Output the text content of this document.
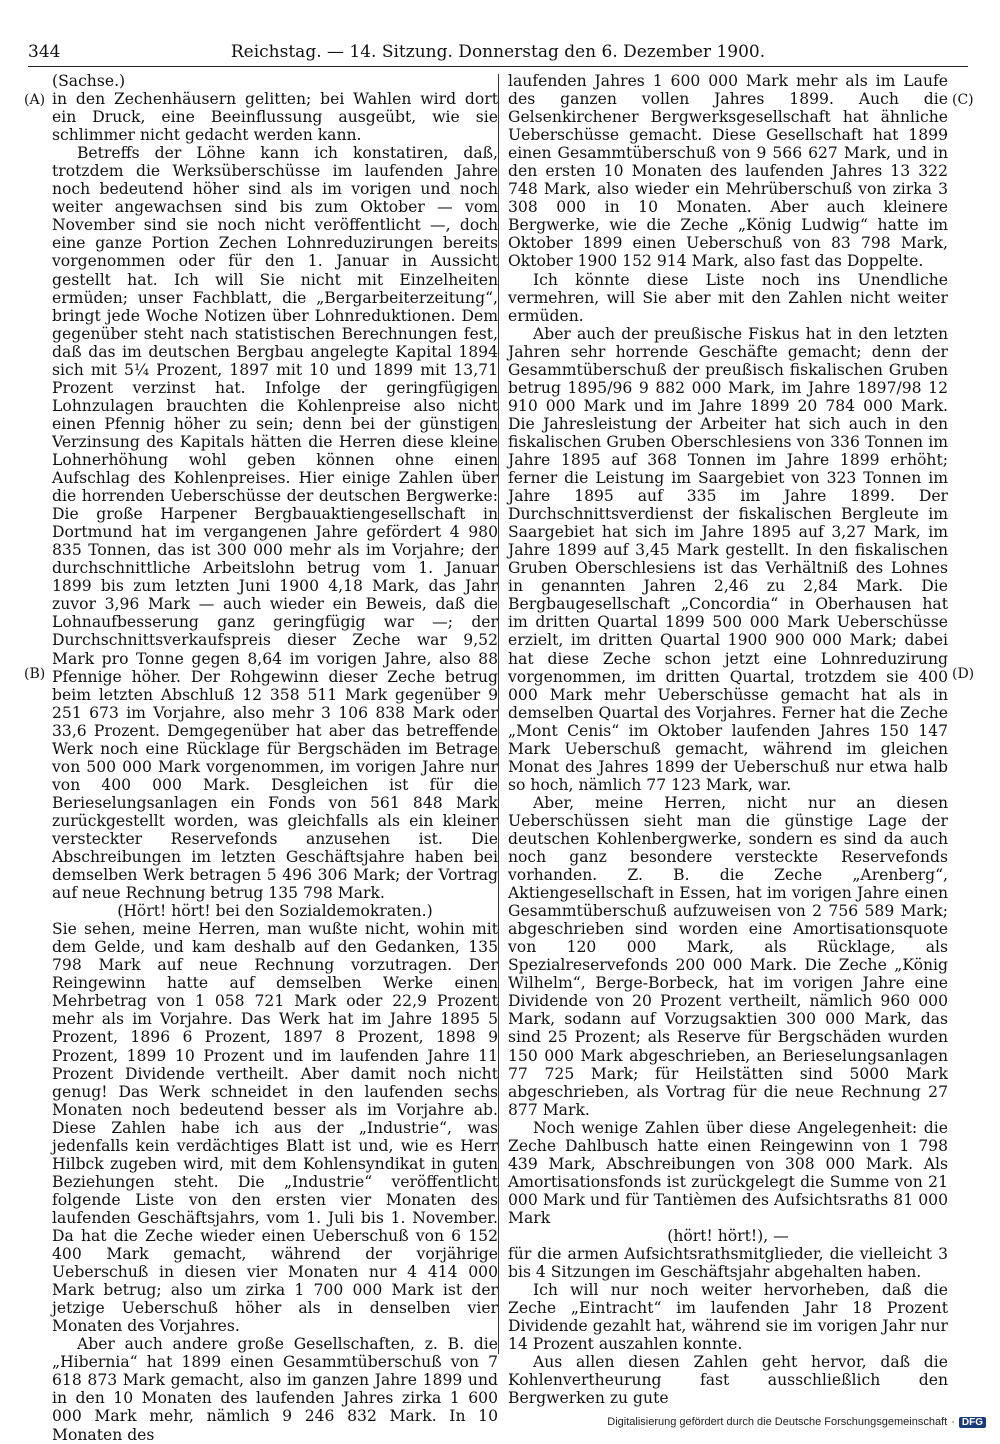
344	Reichstag. — 14. Sitzung. Donnerstag den 6. Dezember 1900.
(A)
(B)
(C)
(D)

(Sachse.)

in den Zechenhäusern gelitten; bei Wahlen wird dort ein Druck, eine Beeinflussung ausgeübt, wie sie schlimmer nicht gedacht werden kann.

Betreffs der Löhne kann ich konstatiren, daß, trotzdem die Werksüberschüsse im laufenden Jahre noch bedeutend höher sind als im vorigen und noch weiter angewachsen sind bis zum Oktober — vom November sind sie noch nicht veröffentlicht —, doch eine ganze Portion Zechen Lohnreduzirungen bereits vorgenommen oder für den 1. Januar in Aussicht gestellt hat. Ich will Sie nicht mit Einzelheiten ermüden; unser Fachblatt, die „Bergarbeiterzeitung“, bringt jede Woche Notizen über Lohnreduktionen. Dem gegenüber steht nach statistischen Berechnungen fest, daß das im deutschen Bergbau angelegte Kapital 1894 sich mit 5¼ Prozent, 1897 mit 10 und 1899 mit 13,71 Prozent verzinst hat. Infolge der geringfügigen Lohnzulagen brauchten die Kohlenpreise also nicht einen Pfennig höher zu sein; denn bei der günstigen Verzinsung des Kapitals hätten die Herren diese kleine Lohnerhöhung wohl geben können ohne einen Aufschlag des Kohlenpreises. Hier einige Zahlen über die horrenden Ueberschüsse der deutschen Bergwerke: Die große Harpener Bergbauaktiengesellschaft in Dortmund hat im vergangenen Jahre gefördert 4 980 835 Tonnen, das ist 300 000 mehr als im Vorjahre; der durchschnittliche Arbeitslohn betrug vom 1. Januar 1899 bis zum letzten Juni 1900 4,18 Mark, das Jahr zuvor 3,96 Mark — auch wieder ein Beweis, daß die Lohnaufbesserung ganz geringfügig war —; der Durchschnittsverkaufspreis dieser Zeche war 9,52 Mark pro Tonne gegen 8,64 im vorigen Jahre, also 88 Pfennige höher. Der Rohgewinn dieser Zeche betrug beim letzten Abschluß 12 358 511 Mark gegenüber 9 251 673 im Vorjahre, also mehr 3 106 838 Mark oder 33,6 Prozent. Demgegenüber hat aber das betreffende Werk noch eine Rücklage für Bergschäden im Betrage von 500 000 Mark vorgenommen, im vorigen Jahre nur von 400 000 Mark. Desgleichen ist für die Berieselungsanlagen ein Fonds von 561 848 Mark zurückgestellt worden, was gleichfalls als ein kleiner versteckter Reservefonds anzusehen ist. Die Abschreibungen im letzten Geschäftsjahre haben bei demselben Werk betragen 5 496 306 Mark; der Vortrag auf neue Rechnung betrug 135 798 Mark.

(Hört! hört! bei den Sozialdemokraten.)

Sie sehen, meine Herren, man wußte nicht, wohin mit dem Gelde, und kam deshalb auf den Gedanken, 135 798 Mark auf neue Rechnung vorzutragen. Der Reingewinn hatte auf demselben Werke einen Mehrbetrag von 1 058 721 Mark oder 22,9 Prozent mehr als im Vorjahre. Das Werk hat im Jahre 1895 5 Prozent, 1896 6 Prozent, 1897 8 Prozent, 1898 9 Prozent, 1899 10 Prozent und im laufenden Jahre 11 Prozent Dividende vertheilt. Aber damit noch nicht genug! Das Werk schneidet in den laufenden sechs Monaten noch bedeutend besser als im Vorjahre ab. Diese Zahlen habe ich aus der „Industrie“, was jedenfalls kein verdächtiges Blatt ist und, wie es Herr Hilbck zugeben wird, mit dem Kohlensyndikat in guten Beziehungen steht. Die „Industrie“ veröffentlicht folgende Liste von den ersten vier Monaten des laufenden Geschäftsjahrs, vom 1. Juli bis 1. November. Da hat die Zeche wieder einen Ueberschuß von 6 152 400 Mark gemacht, während der vorjährige Ueberschuß in diesen vier Monaten nur 4 414 000 Mark betrug; also um zirka 1 700 000 Mark ist der jetzige Ueberschuß höher als in denselben vier Monaten des Vorjahres.

Aber auch andere große Gesellschaften, z. B. die „Hibernia“ hat 1899 einen Gesammtüberschuß von 7 618 873 Mark gemacht, also im ganzen Jahre 1899 und in den 10 Monaten des laufenden Jahres zirka 1 600 000 Mark mehr, nämlich 9 246 832 Mark. In 10 Monaten des

laufenden Jahres 1 600 000 Mark mehr als im Laufe des ganzen vollen Jahres 1899. Auch die Gelsenkirchener Bergwerksgesellschaft hat ähnliche Ueberschüsse gemacht. Diese Gesellschaft hat 1899 einen Gesammtüberschuß von 9 566 627 Mark, und in den ersten 10 Monaten des laufenden Jahres 13 322 748 Mark, also wieder ein Mehrüberschuß von zirka 3 308 000 in 10 Monaten. Aber auch kleinere Bergwerke, wie die Zeche „König Ludwig“ hatte im Oktober 1899 einen Ueberschuß von 83 798 Mark, Oktober 1900 152 914 Mark, also fast das Doppelte.

Ich könnte diese Liste noch ins Unendliche vermehren, will Sie aber mit den Zahlen nicht weiter ermüden.

Aber auch der preußische Fiskus hat in den letzten Jahren sehr horrende Geschäfte gemacht; denn der Gesammtüberschuß der preußisch fiskalischen Gruben betrug 1895/96 9 882 000 Mark, im Jahre 1897/98 12 910 000 Mark und im Jahre 1899 20 784 000 Mark. Die Jahresleistung der Arbeiter hat sich auch in den fiskalischen Gruben Oberschlesiens von 336 Tonnen im Jahre 1895 auf 368 Tonnen im Jahre 1899 erhöht; ferner die Leistung im Saargebiet von 323 Tonnen im Jahre 1895 auf 335 im Jahre 1899. Der Durchschnittsverdienst der fiskalischen Bergleute im Saargebiet hat sich im Jahre 1895 auf 3,27 Mark, im Jahre 1899 auf 3,45 Mark gestellt. In den fiskalischen Gruben Oberschlesiens ist das Verhältniß des Lohnes in genannten Jahren 2,46 zu 2,84 Mark. Die Bergbaugesellschaft „Concordia“ in Oberhausen hat im dritten Quartal 1899 500 000 Mark Ueberschüsse erzielt, im dritten Quartal 1900 900 000 Mark; dabei hat diese Zeche schon jetzt eine Lohnreduzirung vorgenommen, im dritten Quartal, trotzdem sie 400 000 Mark mehr Ueberschüsse gemacht hat als in demselben Quartal des Vorjahres. Ferner hat die Zeche „Mont Cenis“ im Oktober laufenden Jahres 150 147 Mark Ueberschuß gemacht, während im gleichen Monat des Jahres 1899 der Ueberschuß nur etwa halb so hoch, nämlich 77 123 Mark, war.

Aber, meine Herren, nicht nur an diesen Ueberschüssen sieht man die günstige Lage der deutschen Kohlenbergwerke, sondern es sind da auch noch ganz besondere versteckte Reservefonds vorhanden. Z. B. die Zeche „Arenberg“, Aktiengesellschaft in Essen, hat im vorigen Jahre einen Gesammtüberschuß aufzuweisen von 2 756 589 Mark; abgeschrieben sind worden eine Amortisationsquote von 120 000 Mark, als Rücklage, als Spezialreservefonds 200 000 Mark. Die Zeche „König Wilhelm“, Berge-Borbeck, hat im vorigen Jahre eine Dividende von 20 Prozent vertheilt, nämlich 960 000 Mark, sodann auf Vorzugsaktien 300 000 Mark, das sind 25 Prozent; als Reserve für Bergschäden wurden 150 000 Mark abgeschrieben, an Berieselungsanlagen 77 725 Mark; für Heilstätten sind 5000 Mark abgeschrieben, als Vortrag für die neue Rechnung 27 877 Mark.

Noch wenige Zahlen über diese Angelegenheit: die Zeche Dahlbusch hatte einen Reingewinn von 1 798 439 Mark, Abschreibungen von 308 000 Mark. Als Amortisationsfonds ist zurückgelegt die Summe von 21 000 Mark und für Tantièmen des Aufsichtsraths 81 000 Mark

(hört! hört!), —

für die armen Aufsichtsrathsmitglieder, die vielleicht 3 bis 4 Sitzungen im Geschäftsjahr abgehalten haben.

Ich will nur noch weiter hervorheben, daß die Zeche „Eintracht“ im laufenden Jahr 18 Prozent Dividende gezahlt hat, während sie im vorigen Jahr nur 14 Prozent auszahlen konnte.

Aus allen diesen Zahlen geht hervor, daß die Kohlenvertheurung fast ausschließlich den Bergwerken zu gute

Digitalisierung gefördert durch die Deutsche Forschungsgemeinschaft · DFG
